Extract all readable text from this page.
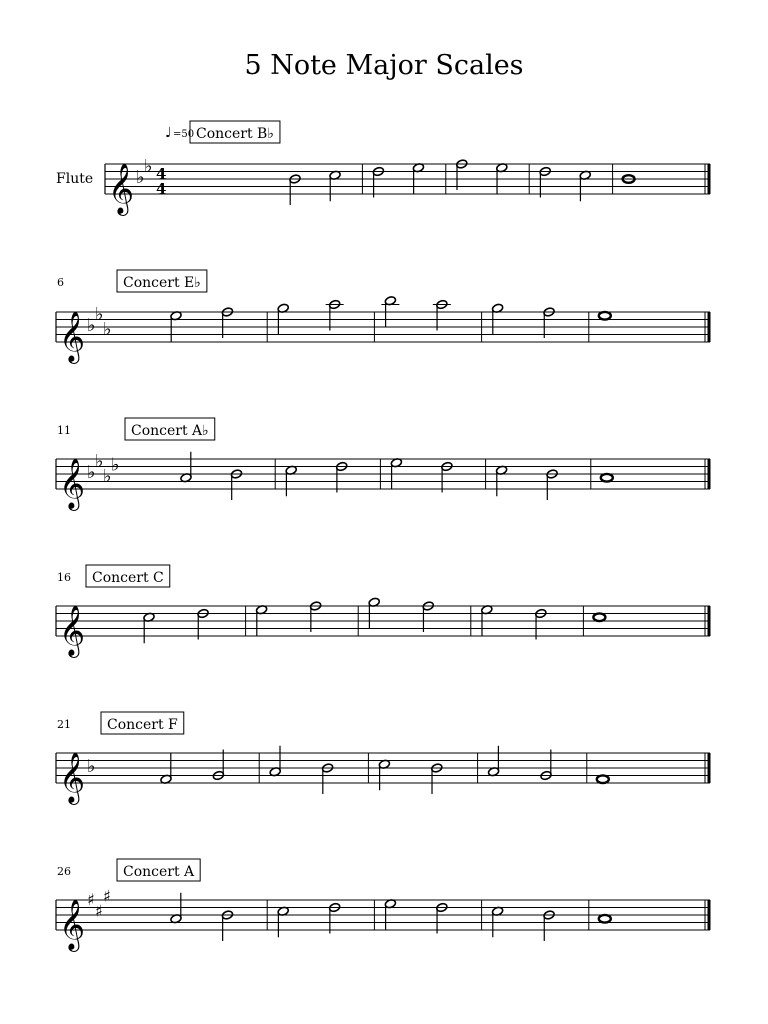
5 Note Major Scales
𝄞 ♭
♭ 4
4
Flute
♩ =50 Concert B♭
𝄞 ♭
♭
♭
6	Concert E♭
𝄞 ♭
♭
♭
♭
11	Concert A♭
𝄞
16 Concert C
𝄞 ♭
21	Concert F
𝄞 ♯
♯
♯
26	Concert A
